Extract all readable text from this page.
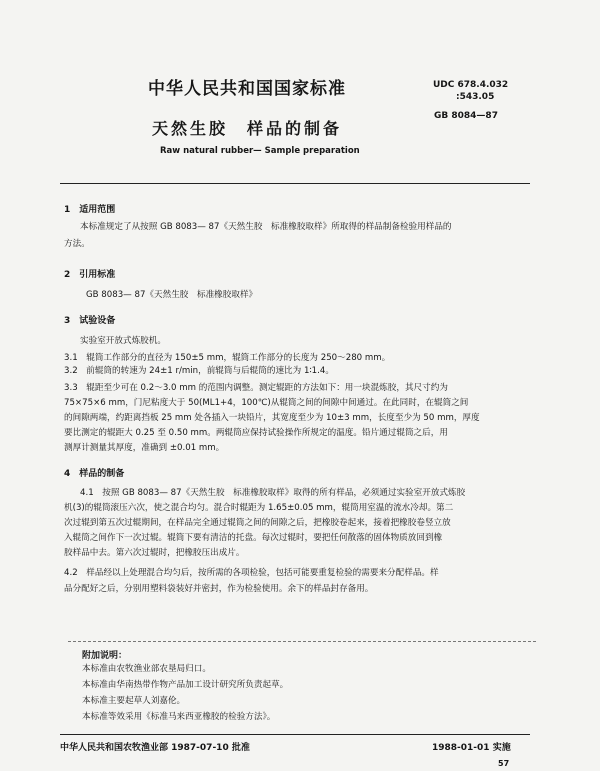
中华人民共和国国家标准	UDC 678.4.032
:543.05
天然生胶　样品的制备
GB 8084—87
Raw natural rubber— Sample preparation
1　适用范围
本标准规定了从按照 GB 8083— 87《天然生胶　标准橡胶取样》所取得的样品制备检验用样品的
方法。
2　引用标准
GB 8083— 87《天然生胶　标准橡胶取样》
3　试验设备
实验室开放式炼胶机。
3.1　辊筒工作部分的直径为 150±5 mm，辊筒工作部分的长度为 250～280 mm。
3.2　前辊筒的转速为 24±1 r/min，前辊筒与后辊筒的速比为 1∶1.4。
3.3　辊距至少可在 0.2～3.0 mm 的范围内调整。测定辊距的方法如下：用一块混炼胶，其尺寸约为
75×75×6 mm，门尼粘度大于 50(ML1+4，100℃)从辊筒之间的间隙中间通过。在此同时，在辊筒之间
的间隙两端，约距离挡板 25 mm 处各插入一块铅片，其宽度至少为 10±3 mm，长度至少为 50 mm，厚度
要比测定的辊距大 0.25 至 0.50 mm。两辊筒应保持试验操作所规定的温度。铅片通过辊筒之后，用
测厚计测量其厚度，准确到 ±0.01 mm。
4　样品的制备
4.1　按照 GB 8083— 87《天然生胶　标准橡胶取样》取得的所有样品，必须通过实验室开放式炼胶
机(3)的辊筒滚压六次，使之混合均匀。混合时辊距为 1.65±0.05 mm，辊筒用室温的流水冷却。第二
次过辊到第五次过辊期间，在样品完全通过辊筒之间的间隙之后，把橡胶卷起来，接着把橡胶卷竖立放
入辊筒之间作下一次过辊。辊筒下要有清洁的托盘。每次过辊时，要把任何散落的固体物质放回到橡
胶样品中去。第六次过辊时，把橡胶压出成片。
4.2　样品经以上处理混合均匀后，按所需的各项检验，包括可能要重复检验的需要来分配样品。样
品分配好之后，分别用塑料袋装好并密封，作为检验使用。余下的样品封存备用。
附加说明：
本标准由农牧渔业部农垦局归口。
本标准由华南热带作物产品加工设计研究所负责起草。
本标准主要起草人刘嘉伦。
本标准等效采用《标准马来西亚橡胶的检验方法》。
中华人民共和国农牧渔业部 1987-07-10 批准	1988-01-01 实施
57
